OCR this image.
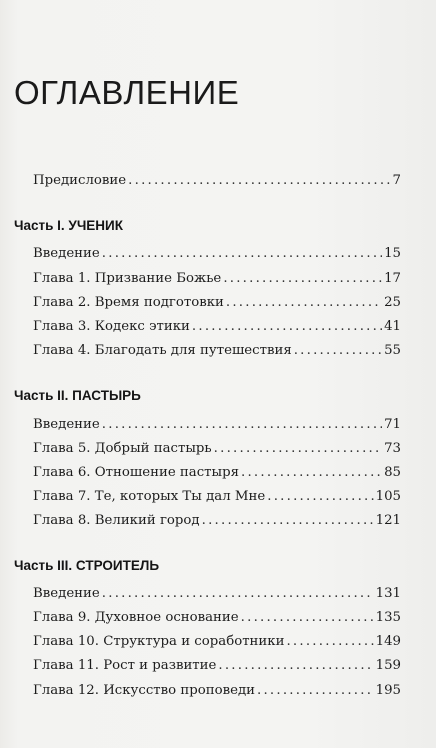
ОГЛАВЛЕНИЕ
Предисловие . . .	7
Часть I. УЧЕНИК
Введение . . .	15
Глава 1. Призвание Божье . . .	17
Глава 2. Время подготовки . . .	25
Глава 3. Кодекс этики . . .	41
Глава 4. Благодать для путешествия . . .	55
Часть II. ПАСТЫРЬ
Введение . . .	71
Глава 5. Добрый пастырь . . .	73
Глава 6. Отношение пастыря . . .	85
Глава 7. Те, которых Ты дал Мне . . .	105
Глава 8. Великий город . . .	121
Часть III. СТРОИТЕЛЬ
Введение . . .	131
Глава 9. Духовное основание . . .	135
Глава 10. Структура и соработники . . .	149
Глава 11. Рост и развитие . . .	159
Глава 12. Искусство проповеди . . .	195
